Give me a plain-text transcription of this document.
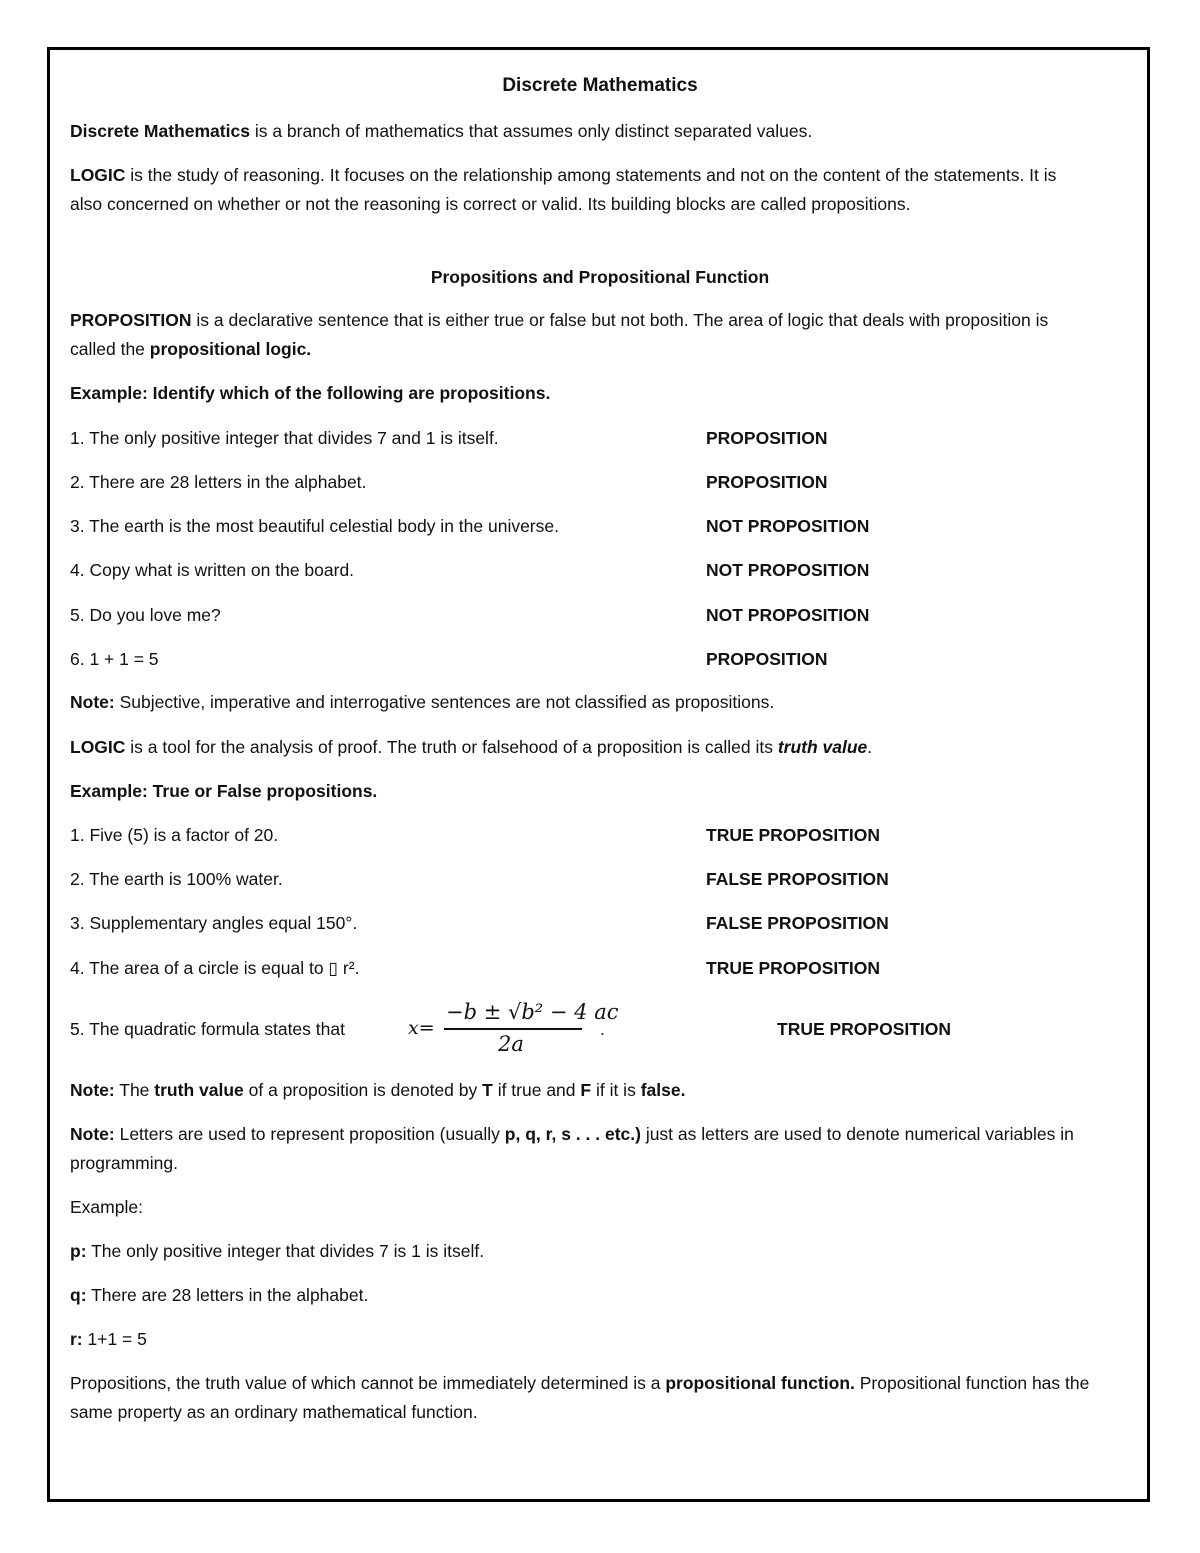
Discrete Mathematics
Discrete Mathematics is a branch of mathematics that assumes only distinct separated values.
LOGIC is the study of reasoning. It focuses on the relationship among statements and not on the content of the statements. It is also concerned on whether or not the reasoning is correct or valid. Its building blocks are called propositions.
Propositions and Propositional Function
PROPOSITION is a declarative sentence that is either true or false but not both. The area of logic that deals with proposition is called the propositional logic.
Example: Identify which of the following are propositions.
1. The only positive integer that divides 7 and 1 is itself.	PROPOSITION
2. There are 28 letters in the alphabet.	PROPOSITION
3. The earth is the most beautiful celestial body in the universe.	NOT PROPOSITION
4. Copy what is written on the board.	NOT PROPOSITION
5. Do you love me?	NOT PROPOSITION
6. 1 + 1 = 5	PROPOSITION
Note: Subjective, imperative and interrogative sentences are not classified as propositions.
LOGIC is a tool for the analysis of proof. The truth or falsehood of a proposition is called its truth value.
Example: True or False propositions.
1. Five (5) is a factor of 20.	TRUE PROPOSITION
2. The earth is 100% water.	FALSE PROPOSITION
3. Supplementary angles equal 150°.	FALSE PROPOSITION
4. The area of a circle is equal to ▯ r².	TRUE PROPOSITION
5. The quadratic formula states that	x=
−b ± √b² − 4 ac
2a
.	TRUE PROPOSITION
Note: The truth value of a proposition is denoted by T if true and F if it is false.
Note: Letters are used to represent proposition (usually p, q, r, s . . . etc.) just as letters are used to denote numerical variables in programming.
Example:
p: The only positive integer that divides 7 is 1 is itself.
q: There are 28 letters in the alphabet.
r: 1+1 = 5
Propositions, the truth value of which cannot be immediately determined is a propositional function. Propositional function has the same property as an ordinary mathematical function.
